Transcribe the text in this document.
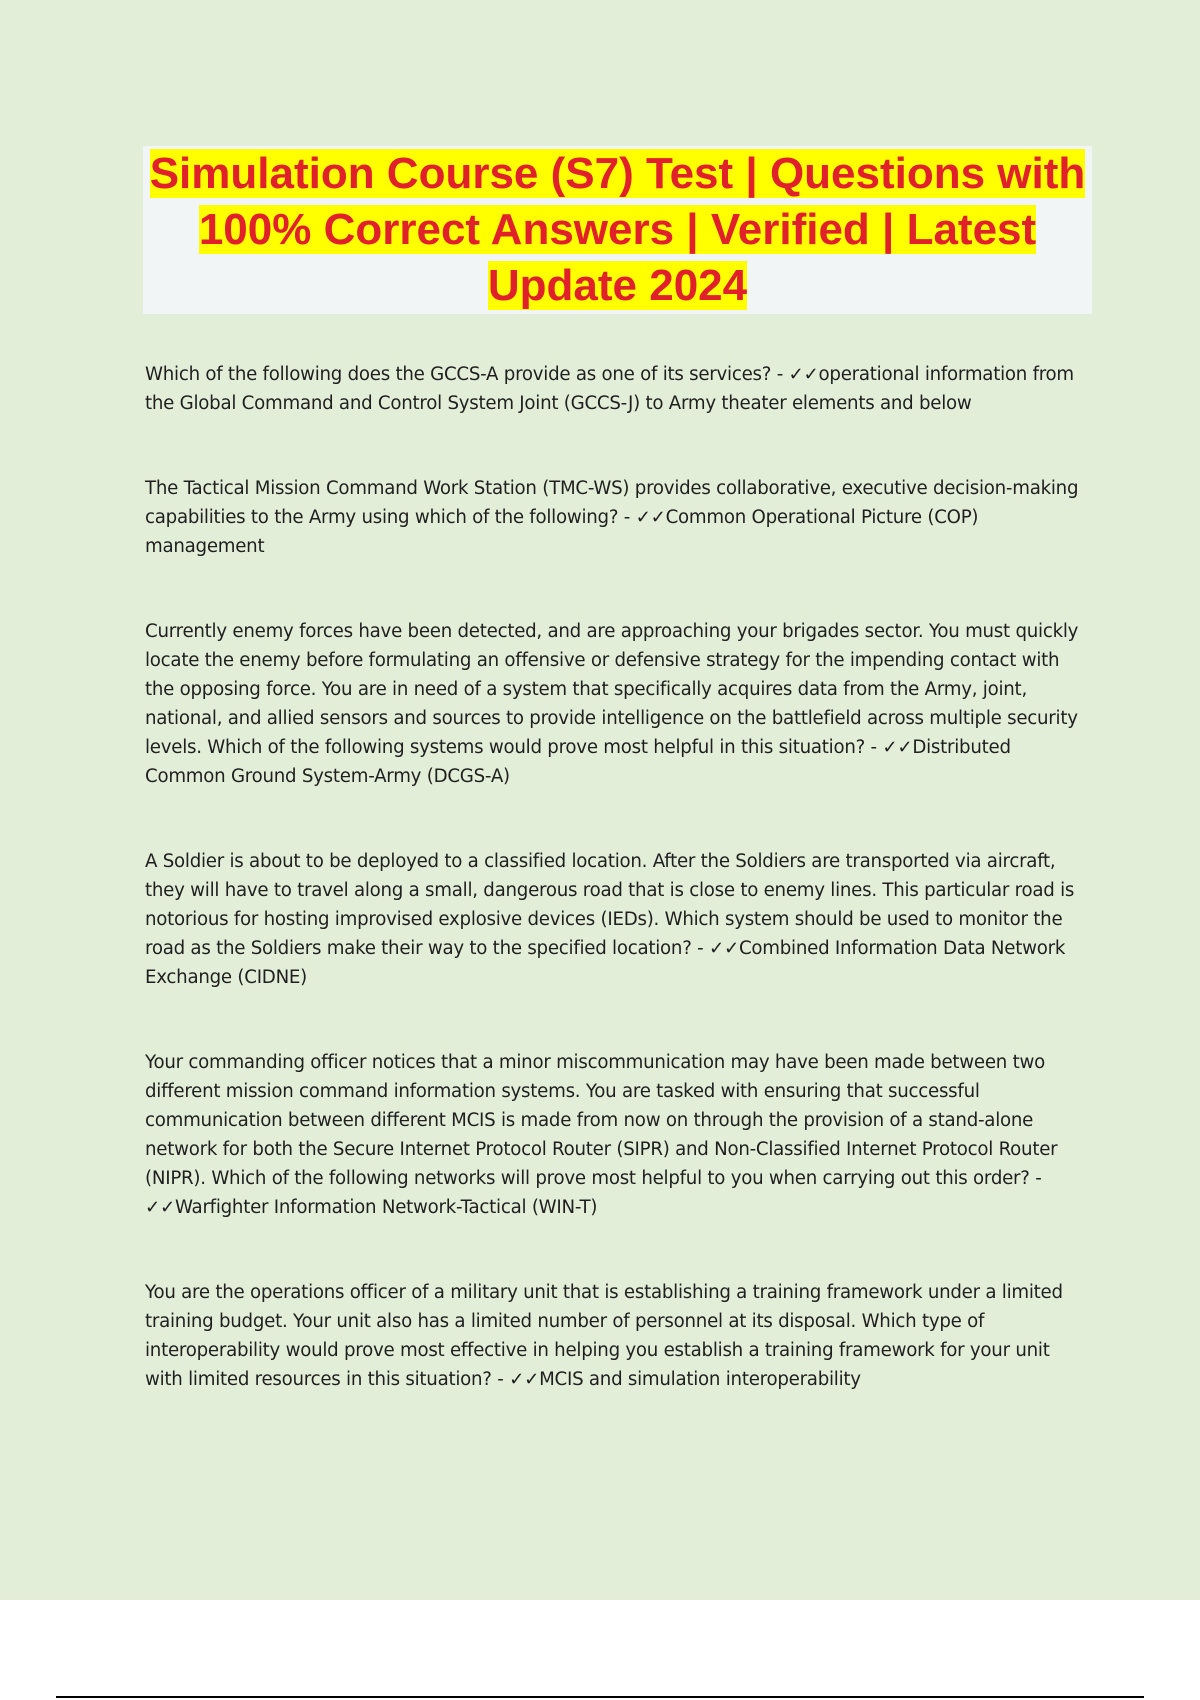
Simulation Course (S7) Test | Questions with 100% Correct Answers | Verified | Latest Update 2024

Which of the following does the GCCS-A provide as one of its services? - ✓✓operational information from the Global Command and Control System Joint (GCCS-J) to Army theater elements and below

The Tactical Mission Command Work Station (TMC-WS) provides collaborative, executive decision-making capabilities to the Army using which of the following? - ✓✓Common Operational Picture (COP) management

Currently enemy forces have been detected, and are approaching your brigades sector. You must quickly locate the enemy before formulating an offensive or defensive strategy for the impending contact with the opposing force. You are in need of a system that specifically acquires data from the Army, joint, national, and allied sensors and sources to provide intelligence on the battlefield across multiple security levels. Which of the following systems would prove most helpful in this situation? - ✓✓Distributed Common Ground System-Army (DCGS-A)

A Soldier is about to be deployed to a classified location. After the Soldiers are transported via aircraft, they will have to travel along a small, dangerous road that is close to enemy lines. This particular road is notorious for hosting improvised explosive devices (IEDs). Which system should be used to monitor the road as the Soldiers make their way to the specified location? - ✓✓Combined Information Data Network Exchange (CIDNE)

Your commanding officer notices that a minor miscommunication may have been made between two different mission command information systems. You are tasked with ensuring that successful communication between different MCIS is made from now on through the provision of a stand-alone network for both the Secure Internet Protocol Router (SIPR) and Non-Classified Internet Protocol Router (NIPR). Which of the following networks will prove most helpful to you when carrying out this order? - ✓✓Warfighter Information Network-Tactical (WIN-T)

You are the operations officer of a military unit that is establishing a training framework under a limited training budget. Your unit also has a limited number of personnel at its disposal. Which type of interoperability would prove most effective in helping you establish a training framework for your unit with limited resources in this situation? - ✓✓MCIS and simulation interoperability
